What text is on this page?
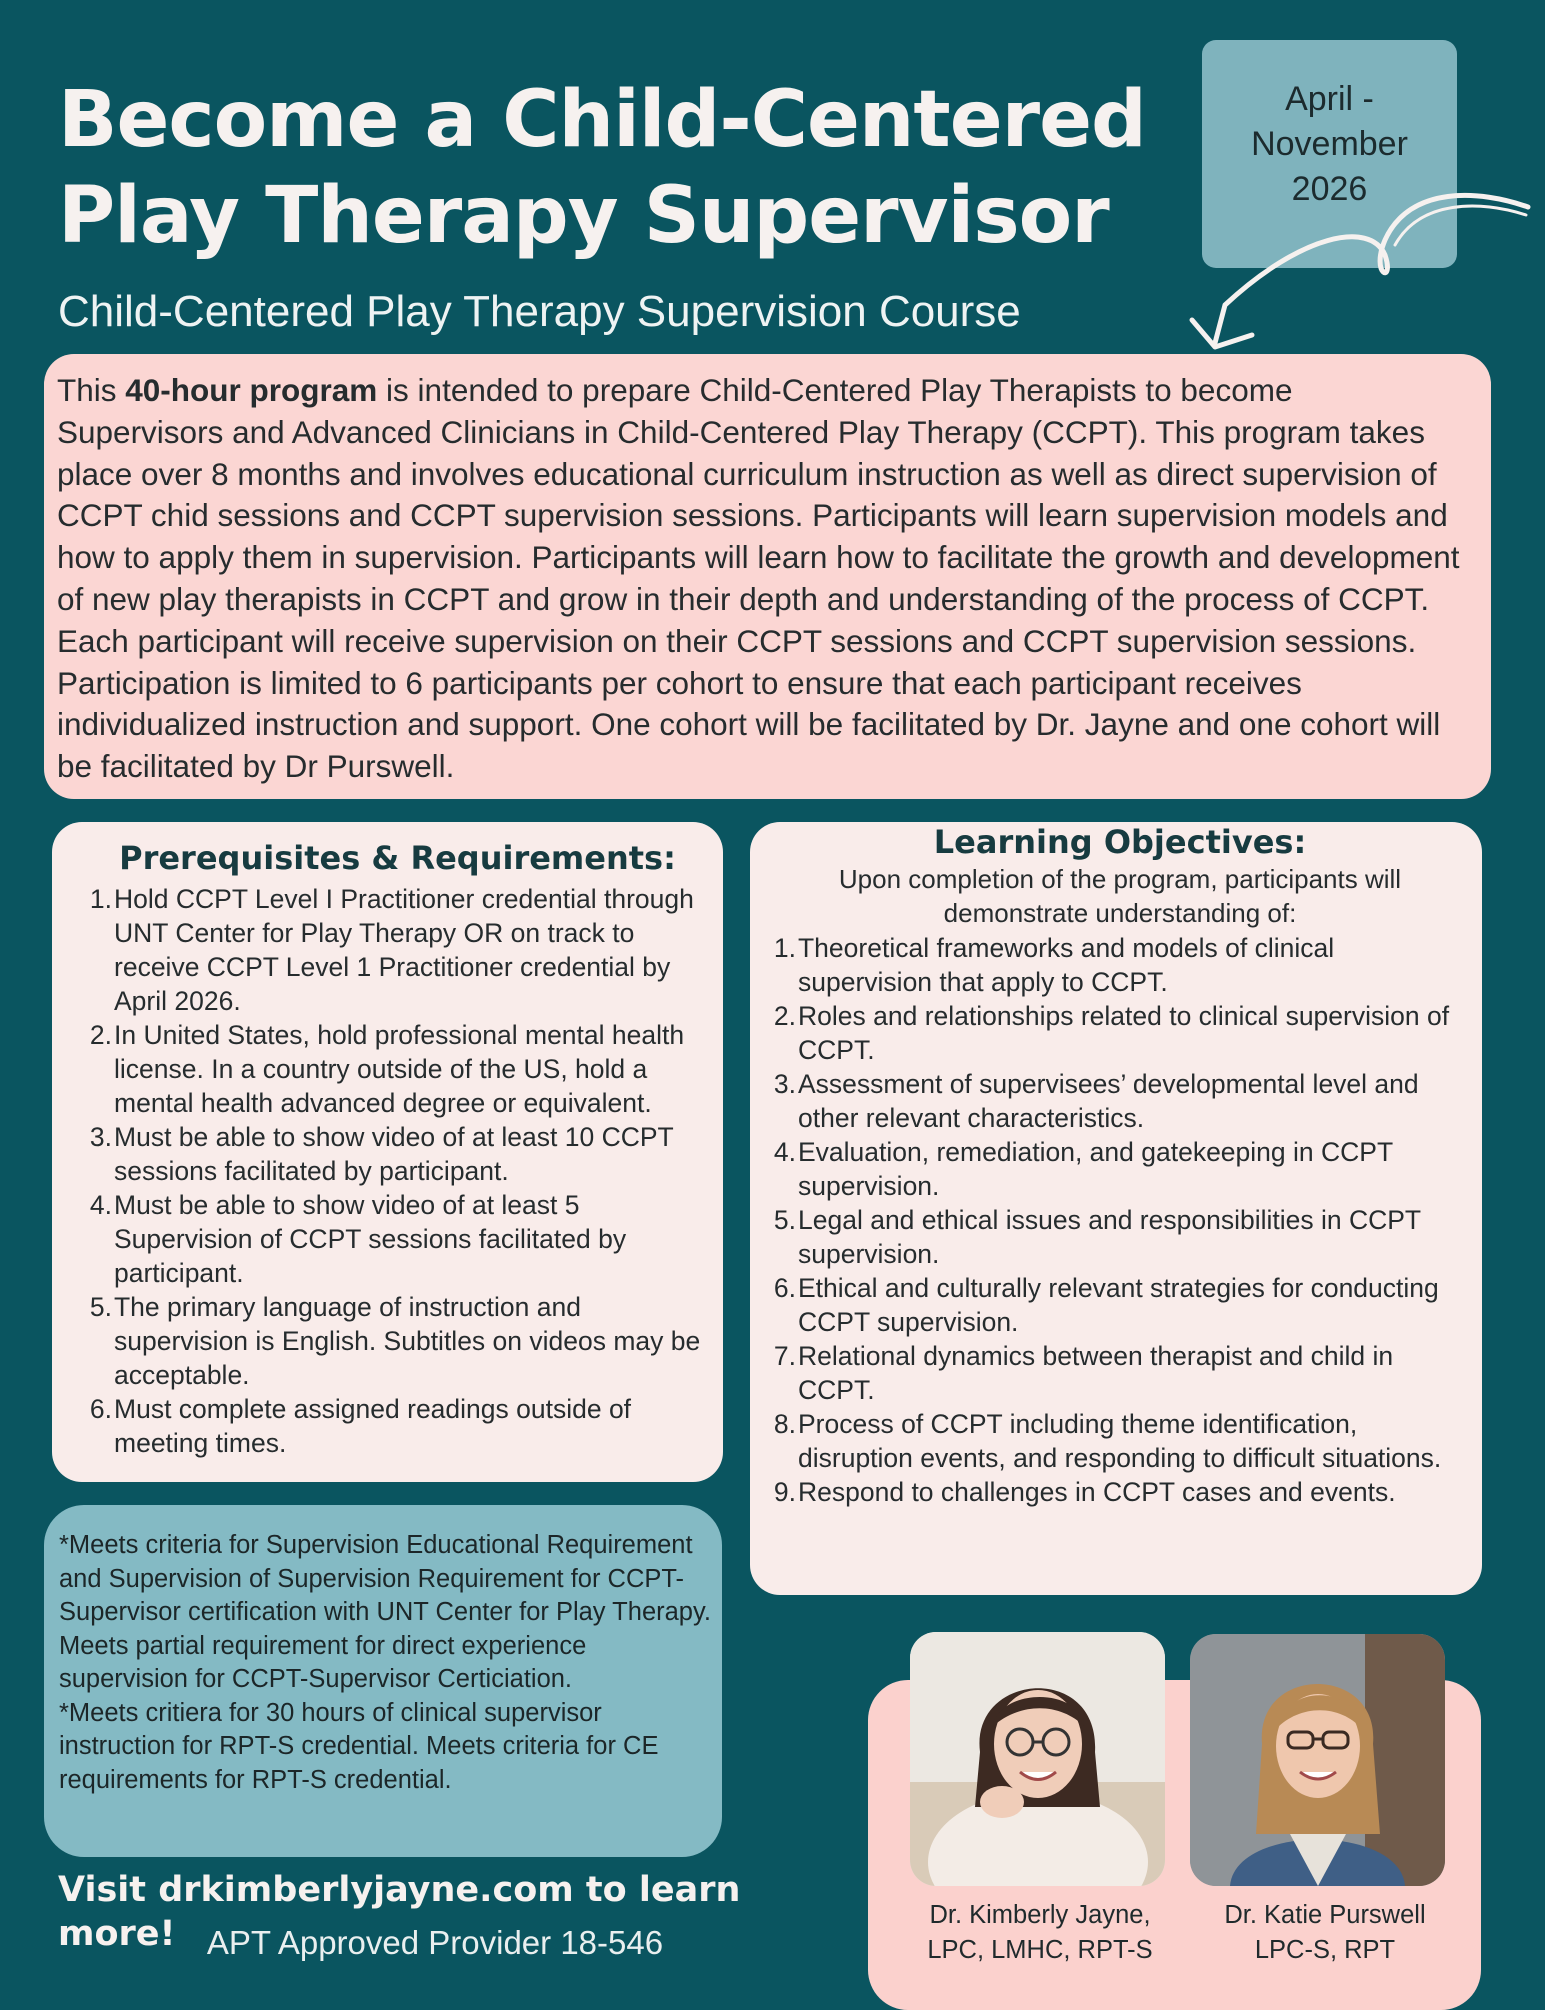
Become a Child-Centered
Play Therapy Supervisor
Child-Centered Play Therapy Supervision Course
April -
November
2026
This 40-hour program is intended to prepare Child-Centered Play Therapists to become Supervisors and Advanced Clinicians in Child-Centered Play Therapy (CCPT). This program takes place over 8 months and involves educational curriculum instruction as well as direct supervision of CCPT chid sessions and CCPT supervision sessions. Participants will learn supervision models and how to apply them in supervision. Participants will learn how to facilitate the growth and development of new play therapists in CCPT and grow in their depth and understanding of the process of CCPT. Each participant will receive supervision on their CCPT sessions and CCPT supervision sessions. Participation is limited to 6 participants per cohort to ensure that each participant receives individualized instruction and support. One cohort will be facilitated by Dr. Jayne and one cohort will be facilitated by Dr Purswell.
Prerequisites & Requirements:
1. Hold CCPT Level I Practitioner credential through UNT Center for Play Therapy OR on track to receive CCPT Level 1 Practitioner credential by April 2026.
2. In United States, hold professional mental health license. In a country outside of the US, hold a mental health advanced degree or equivalent.
3. Must be able to show video of at least 10 CCPT sessions facilitated by participant.
4. Must be able to show video of at least 5 Supervision of CCPT sessions facilitated by participant.
5. The primary language of instruction and supervision is English. Subtitles on videos may be acceptable.
6. Must complete assigned readings outside of meeting times.
Learning Objectives:

Upon completion of the program, participants will demonstrate understanding of:

1. Theoretical frameworks and models of clinical supervision that apply to CCPT.
2. Roles and relationships related to clinical supervision of CCPT.
3. Assessment of supervisees’ developmental level and other relevant characteristics.
4. Evaluation, remediation, and gatekeeping in CCPT supervision.
5. Legal and ethical issues and responsibilities in CCPT supervision.
6. Ethical and culturally relevant strategies for conducting CCPT supervision.
7. Relational dynamics between therapist and child in CCPT.
8. Process of CCPT including theme identification, disruption events, and responding to difficult situations.
9. Respond to challenges in CCPT cases and events.

*Meets criteria for Supervision Educational Requirement and Supervision of Supervision Requirement for CCPT-Supervisor certification with UNT Center for Play Therapy. Meets partial requirement for direct experience supervision for CCPT-Supervisor Certiciation.

*Meets critiera for 30 hours of clinical supervisor instruction for RPT-S credential. Meets criteria for CE requirements for RPT-S credential.

Visit drkimberlyjayne.com to learn more! APT Approved Provider 18-546
Dr. Kimberly Jayne,
LPC, LMHC, RPT-S
Dr. Katie Purswell
LPC-S, RPT
